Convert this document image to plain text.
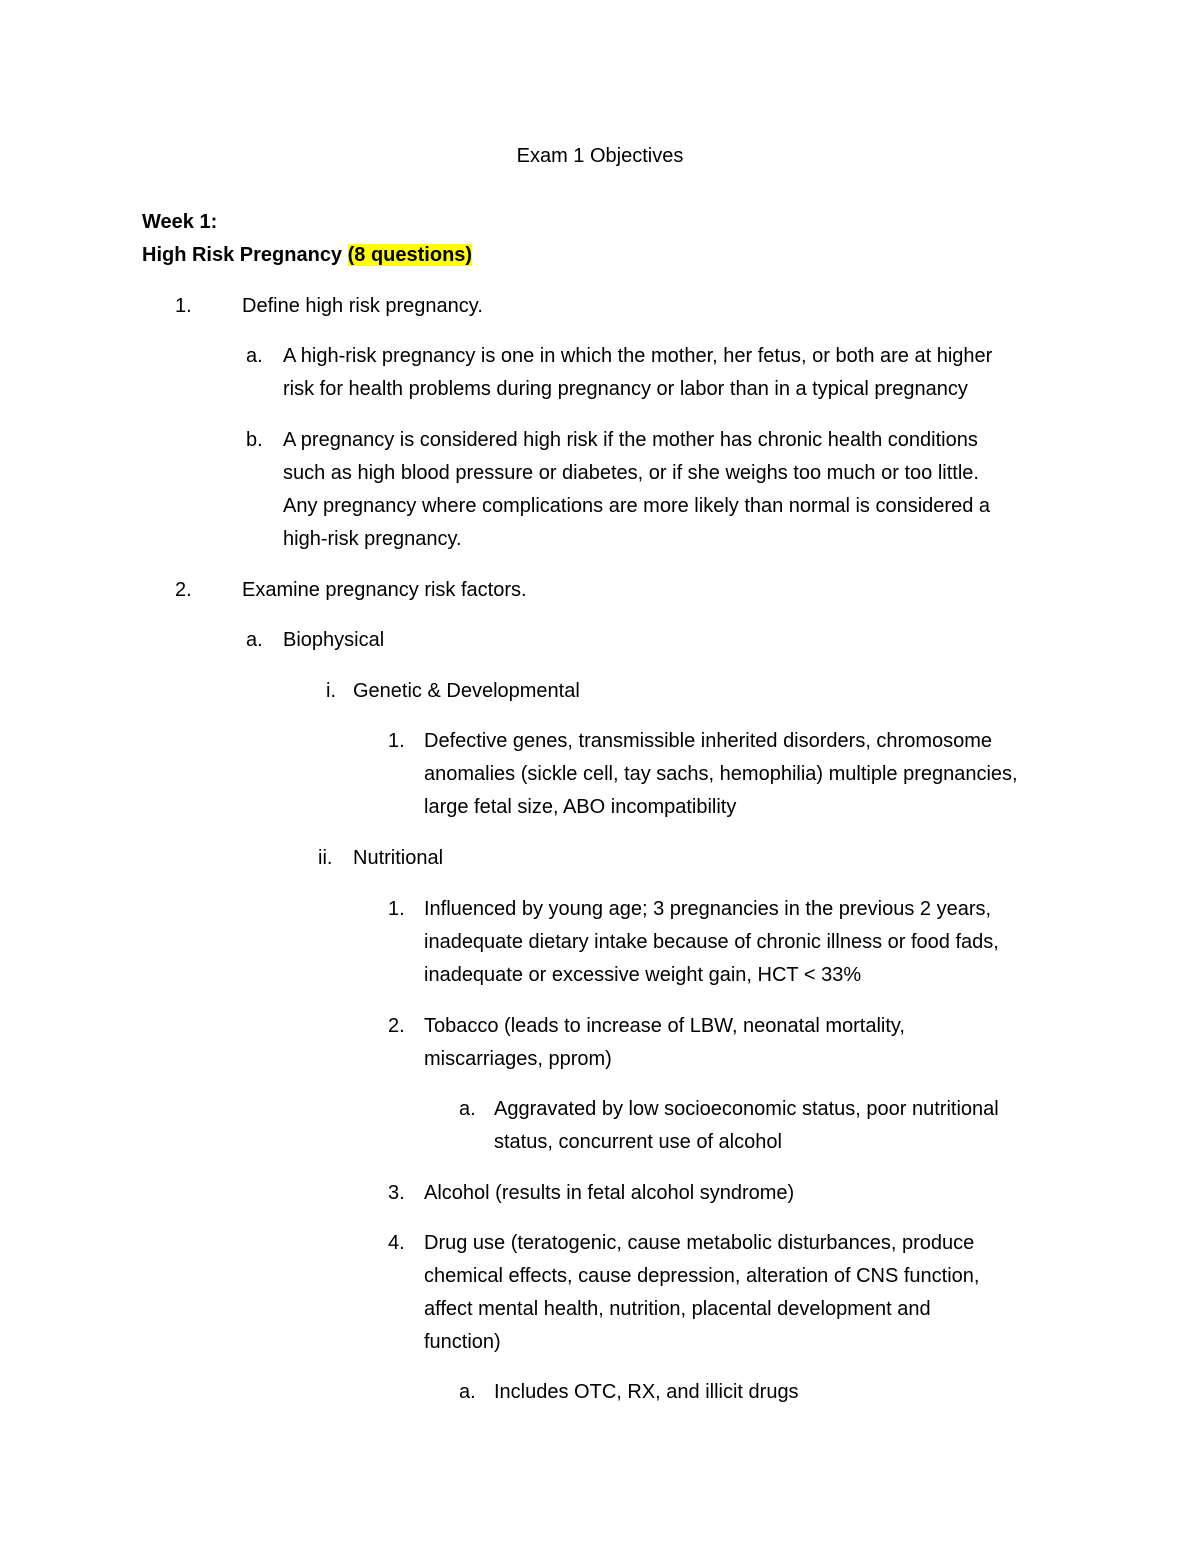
Exam 1 Objectives
Week 1:
High Risk Pregnancy (8 questions)
1.	Define high risk pregnancy.
a. A high-risk pregnancy is one in which the mother, her fetus, or both are at higher
risk for health problems during pregnancy or labor than in a typical pregnancy
b. A pregnancy is considered high risk if the mother has chronic health conditions
such as high blood pressure or diabetes, or if she weighs too much or too little.
Any pregnancy where complications are more likely than normal is considered a
high-risk pregnancy.
2.	Examine pregnancy risk factors.
a. Biophysical
i. Genetic & Developmental
1. Defective genes, transmissible inherited disorders, chromosome
anomalies (sickle cell, tay sachs, hemophilia) multiple pregnancies,
large fetal size, ABO incompatibility
ii. Nutritional
1. Influenced by young age; 3 pregnancies in the previous 2 years,
inadequate dietary intake because of chronic illness or food fads,
inadequate or excessive weight gain, HCT < 33%
2. Tobacco (leads to increase of LBW, neonatal mortality,
miscarriages, pprom)
a. Aggravated by low socioeconomic status, poor nutritional
status, concurrent use of alcohol
3. Alcohol (results in fetal alcohol syndrome)
4. Drug use (teratogenic, cause metabolic disturbances, produce
chemical effects, cause depression, alteration of CNS function,
affect mental health, nutrition, placental development and
function)
a. Includes OTC, RX, and illicit drugs
